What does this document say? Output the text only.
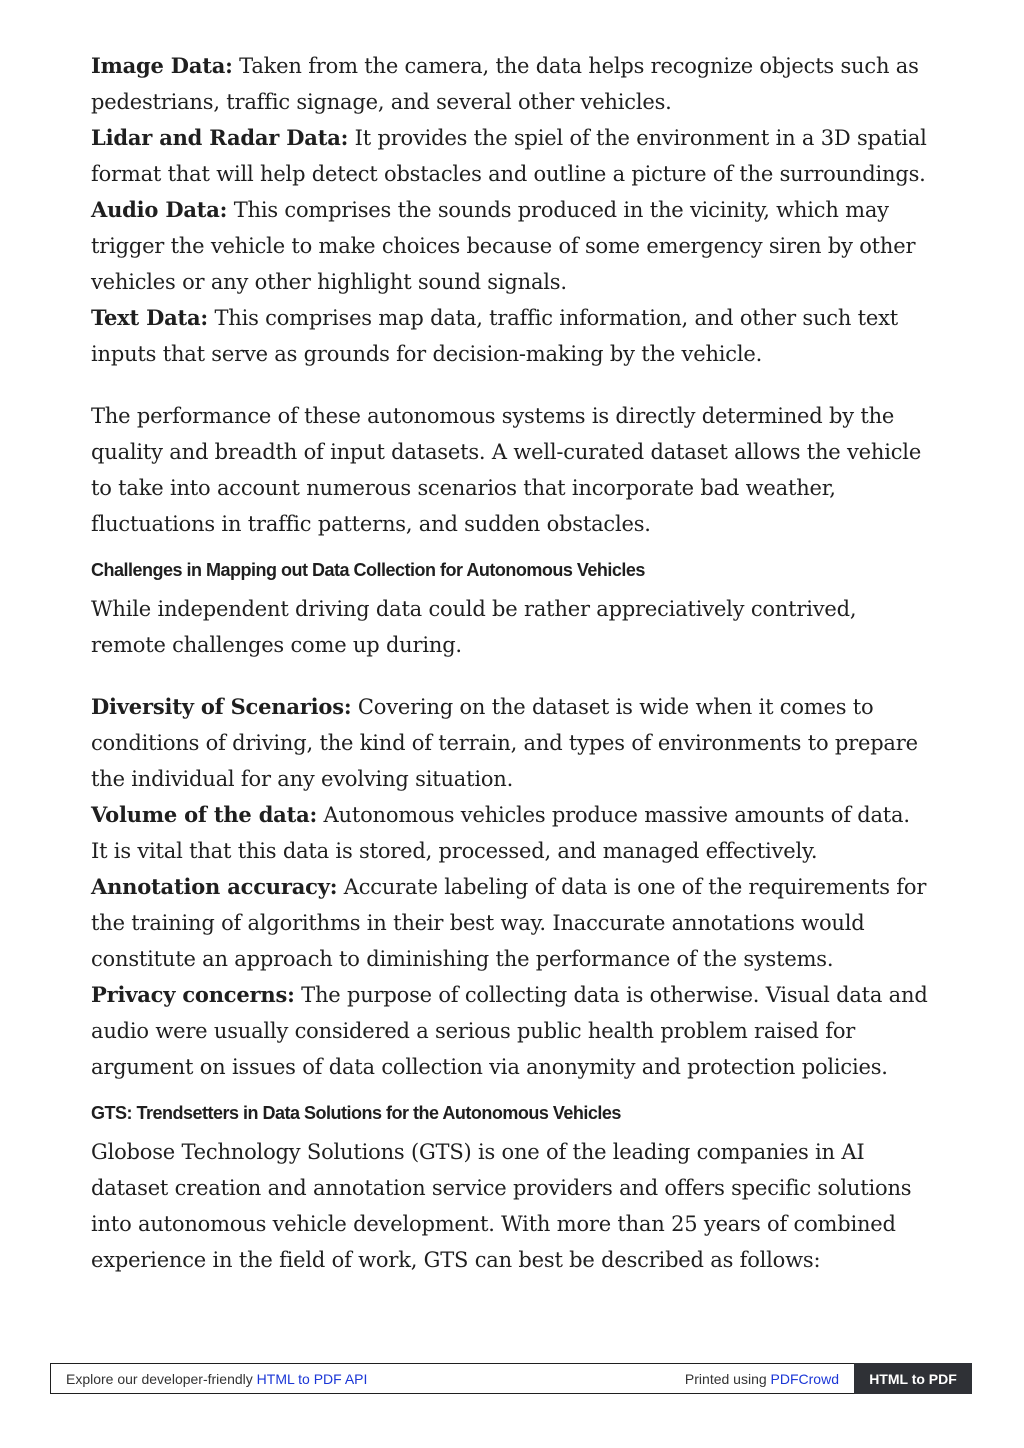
Image Data: Taken from the camera, the data helps recognize objects such as pedestrians, traffic signage, and several other vehicles.

Lidar and Radar Data: It provides the spiel of the environment in a 3D spatial format that will help detect obstacles and outline a picture of the surroundings.

Audio Data: This comprises the sounds produced in the vicinity, which may trigger the vehicle to make choices because of some emergency siren by other vehicles or any other highlight sound signals.

Text Data: This comprises map data, traffic information, and other such text inputs that serve as grounds for decision-making by the vehicle.

The performance of these autonomous systems is directly determined by the quality and breadth of input datasets. A well-curated dataset allows the vehicle to take into account numerous scenarios that incorporate bad weather, fluctuations in traffic patterns, and sudden obstacles.

Challenges in Mapping out Data Collection for Autonomous Vehicles

While independent driving data could be rather appreciatively contrived, remote challenges come up during.

Diversity of Scenarios: Covering on the dataset is wide when it comes to conditions of driving, the kind of terrain, and types of environments to prepare the individual for any evolving situation.

Volume of the data: Autonomous vehicles produce massive amounts of data. It is vital that this data is stored, processed, and managed effectively.

Annotation accuracy: Accurate labeling of data is one of the requirements for the training of algorithms in their best way. Inaccurate annotations would constitute an approach to diminishing the performance of the systems.

Privacy concerns: The purpose of collecting data is otherwise. Visual data and audio were usually considered a serious public health problem raised for argument on issues of data collection via anonymity and protection policies.

GTS: Trendsetters in Data Solutions for the Autonomous Vehicles

Globose Technology Solutions (GTS) is one of the leading companies in AI dataset creation and annotation service providers and offers specific solutions into autonomous vehicle development. With more than 25 years of combined experience in the field of work, GTS can best be described as follows:

Explore our developer-friendly HTML to PDF API	Printed using PDFCrowd	HTML to PDF
